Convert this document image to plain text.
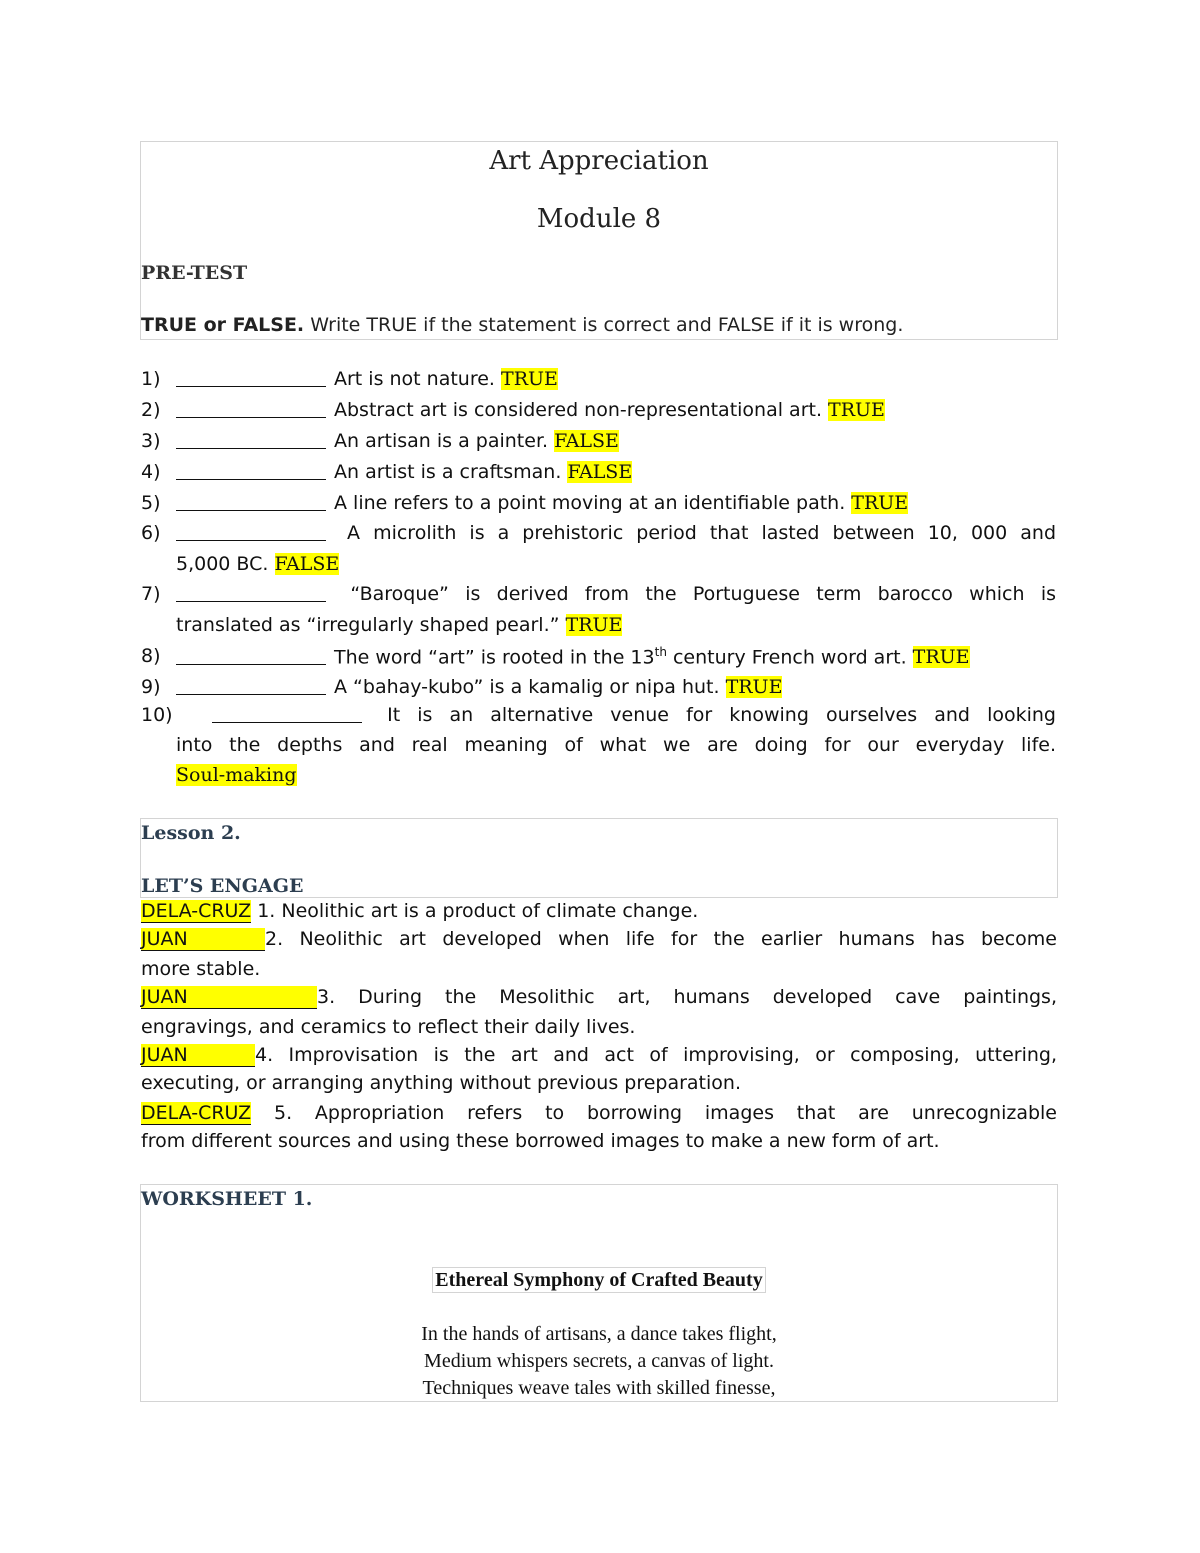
Art Appreciation
Module 8
PRE-TEST
TRUE or FALSE. Write TRUE if the statement is correct and FALSE if it is wrong.
1)	Art is not nature. TRUE
2)	Abstract art is considered non-representational art. TRUE
3)	An artisan is a painter. FALSE
4)	An artist is a craftsman. FALSE
5)	A line refers to a point moving at an identifiable path. TRUE
6)	A microlith is a prehistoric period that lasted between 10, 000 and
5,000 BC. FALSE
7)	“Baroque” is derived from the Portuguese term barocco which is
translated as “irregularly shaped pearl.” TRUE
8)	The word “art” is rooted in the 13th century French word art. TRUE
9)	A “bahay-kubo” is a kamalig or nipa hut. TRUE
10)	It is an alternative venue for knowing ourselves and looking
into the depths and real meaning of what we are doing for our everyday life.
Soul-making
Lesson 2.
LET’S ENGAGE
DELA-CRUZ 1. Neolithic art is a product of climate change.
JUAN	2. Neolithic art developed when life for the earlier humans has become
more stable.
JUAN	3. During the Mesolithic art, humans developed cave paintings,
engravings, and ceramics to reflect their daily lives.
JUAN	4. Improvisation is the art and act of improvising, or composing, uttering,
executing, or arranging anything without previous preparation.
DELA-CRUZ 5. Appropriation refers to borrowing images that are unrecognizable
from different sources and using these borrowed images to make a new form of art.
WORKSHEET 1.
Ethereal Symphony of Crafted Beauty
In the hands of artisans, a dance takes flight,
Medium whispers secrets, a canvas of light.
Techniques weave tales with skilled finesse,
